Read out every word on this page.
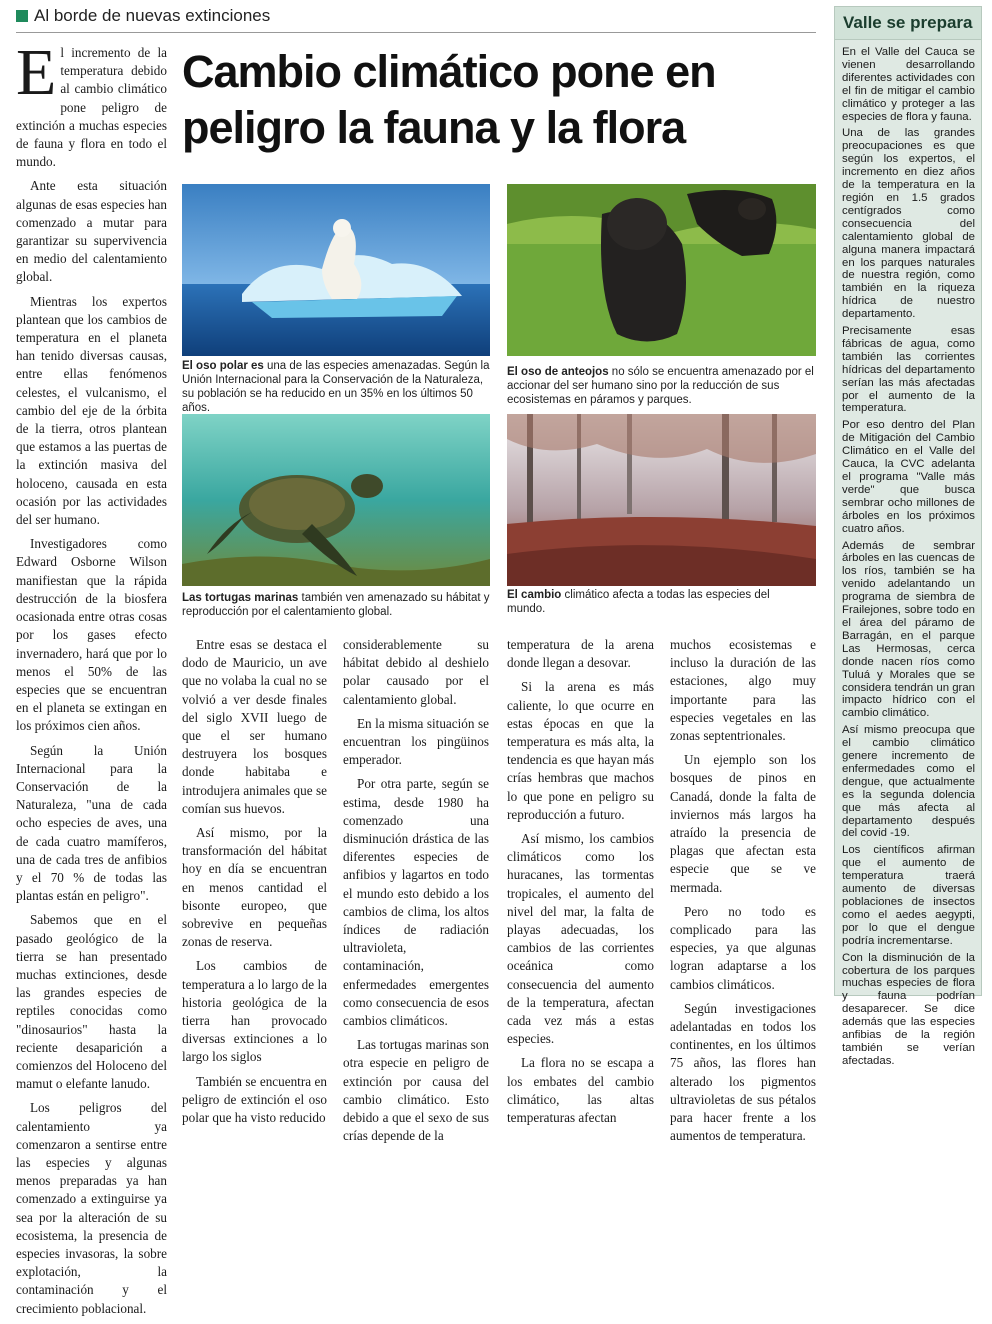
Al borde de nuevas extinciones
Cambio climático pone en peligro la fauna y la flora

El incremento de la temperatura debido al cambio climático pone peligro de extinción a muchas especies de fauna y flora en todo el mundo.

Ante esta situación algunas de esas especies han comenzado a mutar para garantizar su supervivencia en medio del calentamiento global.

Mientras los expertos plantean que los cambios de temperatura en el planeta han tenido diversas causas, entre ellas fenómenos celestes, el vulcanismo, el cambio del eje de la órbita de la tierra, otros plantean que estamos a las puertas de la extinción masiva del holoceno, causada en esta ocasión por las actividades del ser humano.

Investigadores como Edward Osborne Wilson manifiestan que la rápida destrucción de la biosfera ocasionada entre otras cosas por los gases efecto invernadero, hará que por lo menos el 50% de las especies que se encuentran en el planeta se extingan en los próximos cien años.

Según la Unión Internacional para la Conservación de la Naturaleza, "una de cada ocho especies de aves, una de cada cuatro mamíferos, una de cada tres de anfibios y el 70 % de todas las plantas están en peligro".

Sabemos que en el pasado geológico de la tierra se han presentado muchas extinciones, desde las grandes especies de reptiles conocidas como "dinosaurios" hasta la reciente desaparición a comienzos del Holoceno del mamut o elefante lanudo.

Los peligros del calentamiento ya comenzaron a sentirse entre las especies y algunas menos preparadas ya han comenzado a extinguirse ya sea por la alteración de su ecosistema, la presencia de especies invasoras, la sobre explotación, la contaminación y el crecimiento poblacional.

El oso polar es una de las especies amenazadas. Según la Unión Internacional para la Conservación de la Naturaleza, su población se ha reducido en un 35% en los últimos 50 años.
El oso de anteojos no sólo se encuentra amenazado por el accionar del ser humano sino por la reducción de sus ecosistemas en páramos y parques.
Las tortugas marinas también ven amenazado su hábitat y reproducción por el calentamiento global.
El cambio climático afecta a todas las especies del mundo.

Entre esas se destaca el dodo de Mauricio, un ave que no volaba la cual no se volvió a ver desde finales del siglo XVII luego de que el ser humano destruyera los bosques donde habitaba e introdujera animales que se comían sus huevos.

Así mismo, por la transformación del hábitat hoy en día se encuentran en menos cantidad el bisonte europeo, que sobrevive en pequeñas zonas de reserva.

Los cambios de temperatura a lo largo de la historia geológica de la tierra han provocado diversas extinciones a lo largo los siglos

También se encuentra en peligro de extinción el oso polar que ha visto reducido

considerablemente su hábitat debido al deshielo polar causado por el calentamiento global.

En la misma situación se encuentran los pingüinos emperador.

Por otra parte, según se estima, desde 1980 ha comenzado una disminución drástica de las diferentes especies de anfibios y lagartos en todo el mundo esto debido a los cambios de clima, los altos índices de radiación ultravioleta, contaminación, enfermedades emergentes como consecuencia de esos cambios climáticos.

Las tortugas marinas son otra especie en peligro de extinción por causa del cambio climático. Esto debido a que el sexo de sus crías depende de la

temperatura de la arena donde llegan a desovar.

Si la arena es más caliente, lo que ocurre en estas épocas en que la temperatura es más alta, la tendencia es que hayan más crías hembras que machos lo que pone en peligro su reproducción a futuro.

Así mismo, los cambios climáticos como los huracanes, las tormentas tropicales, el aumento del nivel del mar, la falta de playas adecuadas, los cambios de las corrientes oceánica como consecuencia del aumento de la temperatura, afectan cada vez más a estas especies.

La flora no se escapa a los embates del cambio climático, las altas temperaturas afectan

muchos ecosistemas e incluso la duración de las estaciones, algo muy importante para las especies vegetales en las zonas septentrionales.

Un ejemplo son los bosques de pinos en Canadá, donde la falta de inviernos más largos ha atraído la presencia de plagas que afectan esta especie que se ve mermada.

Pero no todo es complicado para las especies, ya que algunas logran adaptarse a los cambios climáticos.

Según investigaciones adelantadas en todos los continentes, en los últimos 75 años, las flores han alterado los pigmentos ultravioletas de sus pétalos para hacer frente a los aumentos de temperatura.

Valle se prepara

En el Valle del Cauca se vienen desarrollando diferentes actividades con el fin de mitigar el cambio climático y proteger a las especies de flora y fauna.

Una de las grandes preocupaciones es que según los expertos, el incremento en diez años de la temperatura en la región en 1.5 grados centígrados como consecuencia del calentamiento global de alguna manera impactará en los parques naturales de nuestra región, como también en la riqueza hídrica de nuestro departamento.

Precisamente esas fábricas de agua, como también las corrientes hídricas del departamento serían las más afectadas por el aumento de la temperatura.

Por eso dentro del Plan de Mitigación del Cambio Climático en el Valle del Cauca, la CVC adelanta el programa "Valle más verde" que busca sembrar ocho millones de árboles en los próximos cuatro años.

Además de sembrar árboles en las cuencas de los ríos, también se ha venido adelantando un programa de siembra de Frailejones, sobre todo en el área del páramo de Barragán, en el parque Las Hermosas, cerca donde nacen ríos como Tuluá y Morales que se considera tendrán un gran impacto hídrico con el cambio climático.

Así mismo preocupa que el cambio climático genere incremento de enfermedades como el dengue, que actualmente es la segunda dolencia que más afecta al departamento después del covid -19.

Los científicos afirman que el aumento de temperatura traerá aumento de diversas poblaciones de insectos como el aedes aegypti, por lo que el dengue podría incrementarse.

Con la disminución de la cobertura de los parques muchas especies de flora y fauna podrían desaparecer. Se dice además que las especies anfibias de la región también se verían afectadas.
